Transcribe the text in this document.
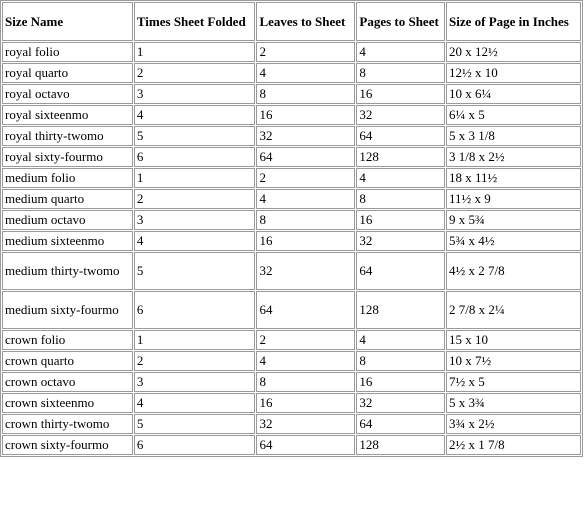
Size Name	Times Sheet Folded	Leaves to Sheet	Pages to Sheet	Size of Page in Inches
royal folio	1	2	4	20 x 12½
royal quarto	2	4	8	12½ x 10
royal octavo	3	8	16	10 x 6¼
royal sixteenmo	4	16	32	6¼ x 5
royal thirty-twomo	5	32	64	5 x 3 1/8
royal sixty-fourmo	6	64	128	3 1/8 x 2½
medium folio	1	2	4	18 x 11½
medium quarto	2	4	8	11½ x 9
medium octavo	3	8	16	9 x 5¾
medium sixteenmo	4	16	32	5¾ x 4½
medium thirty-twomo	5	32	64	4½ x 2 7/8
medium sixty-fourmo	6	64	128	2 7/8 x 2¼
crown folio	1	2	4	15 x 10
crown quarto	2	4	8	10 x 7½
crown octavo	3	8	16	7½ x 5
crown sixteenmo	4	16	32	5 x 3¾
crown thirty-twomo	5	32	64	3¾ x 2½
crown sixty-fourmo	6	64	128	2½ x 1 7/8
